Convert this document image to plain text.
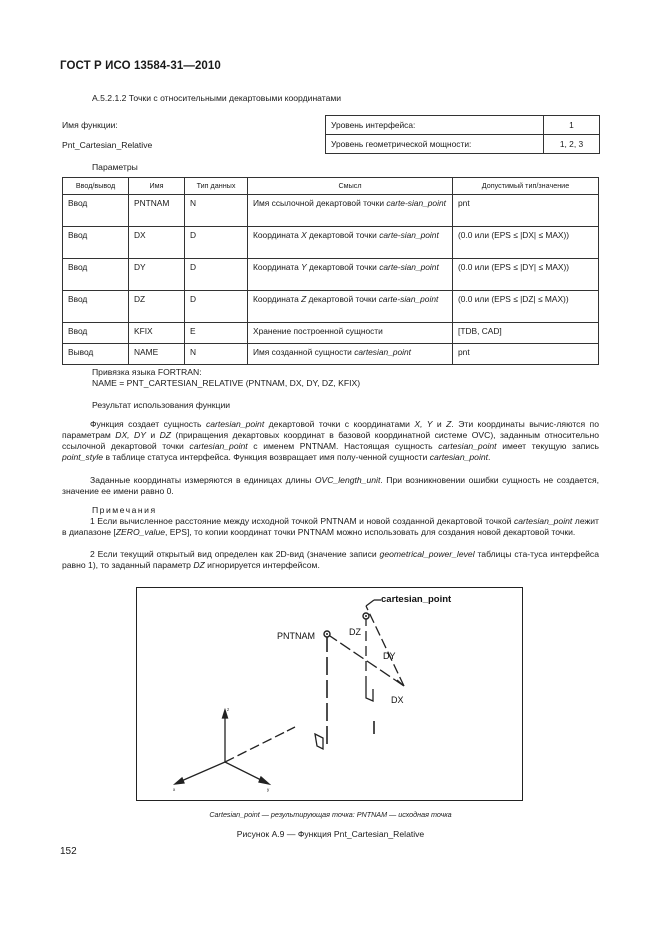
ГОСТ Р ИСО 13584-31—2010
A.5.2.1.2 Точки с относительными декартовыми координатами
Имя функции:
Pnt_Cartesian_Relative
Уровень интерфейса:	1
Уровень геометрической мощности:	1, 2, 3
Параметры
Ввод/вывод	Имя	Тип данных	Смысл	Допустимый тип/значение
Ввод	PNTNAM	N	Имя ссылочной декартовой точки carte-sian_point	pnt
Ввод	DX	D	Координата X декартовой точки carte-sian_point	(0.0 или (EPS ≤ |DX| ≤ MAX))
Ввод	DY	D	Координата Y декартовой точки carte-sian_point	(0.0 или (EPS ≤ |DY| ≤ MAX))
Ввод	DZ	D	Координата Z декартовой точки carte-sian_point	(0.0 или (EPS ≤ |DZ| ≤ MAX))
Ввод	KFIX	E	Хранение построенной сущности	[TDB, CAD]
Вывод	NAME	N	Имя созданной сущности cartesian_point	pnt
Привязка языка FORTRAN:
NAME = PNT_CARTESIAN_RELATIVE (PNTNAM, DX, DY, DZ, KFIX)
Результат использования функции
Функция создает сущность cartesian_point декартовой точки с координатами X, Y и Z. Эти координаты вычис-ляются по параметрам DX, DY и DZ (приращения декартовых координат в базовой координатной системе OVC), заданным относительно ссылочной декартовой точки cartesian_point с именем PNTNAM. Настоящая сущность cartesian_point имеет текущую запись point_style в таблице статуса интерфейса. Функция возвращает имя полу-ченной сущности cartesian_point.
Заданные координаты измеряются в единицах длины OVC_length_unit. При возникновении ошибки сущность не создается, значение ее имени равно 0.
Примечания
1 Если вычисленное расстояние между исходной точкой PNTNAM и новой созданной декартовой точкой cartesian_point лежит в диапазоне [ZERO_value, EPS], то копии координат точки PNTNAM можно использовать для создания новой декартовой точки.
2 Если текущий открытый вид определен как 2D-вид (значение записи geometrical_power_level таблицы ста-туса интерфейса равно 1), то заданный параметр DZ игнорируется интерфейсом.
cartesian_point
PNTNAM	DZ
DY
DX
z
x	y
Cartesian_point — результирующая точка: PNTNAM — исходная точка
Рисунок A.9 — Функция Pnt_Cartesian_Relative
152
